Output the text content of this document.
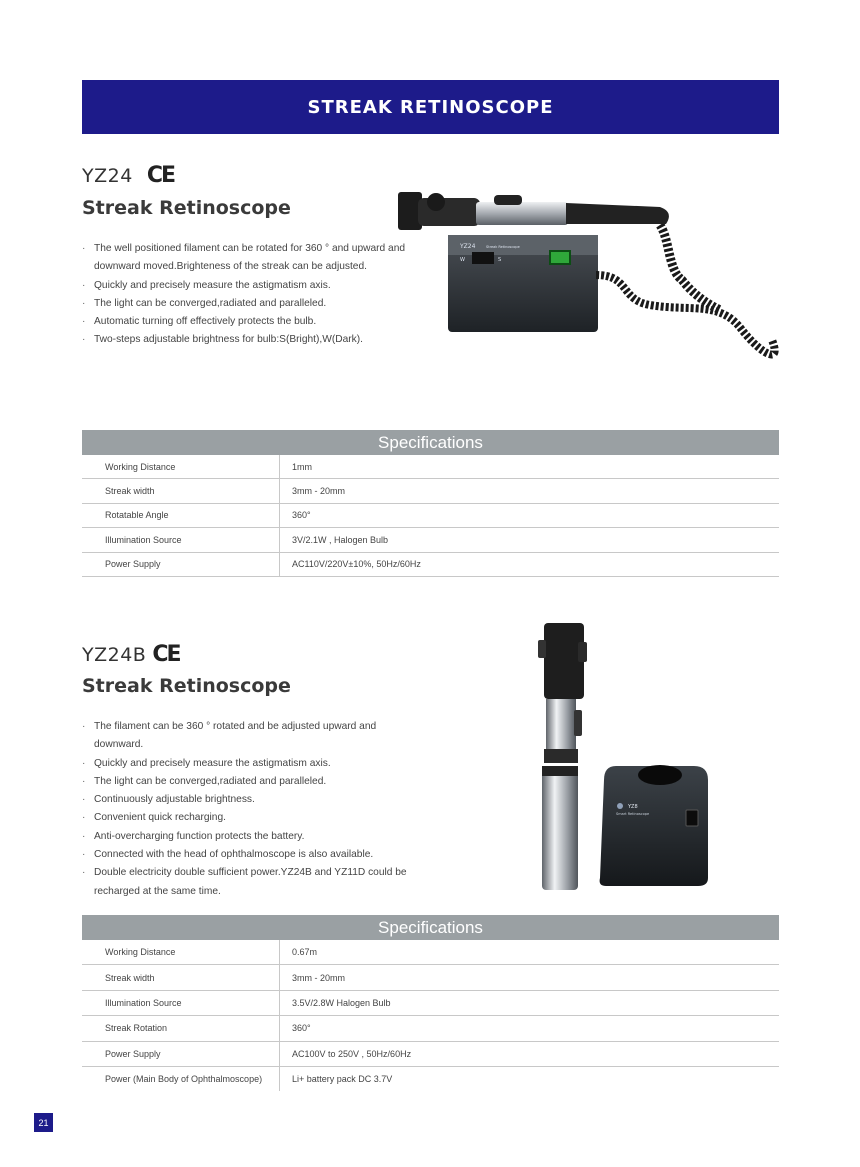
STREAK RETINOSCOPE
YZ24 CE
Streak Retinoscope
· The well positioned filament can be rotated for 360 ° and upward and downward moved.Brighteness of the streak can be adjusted.
· Quickly and precisely measure the astigmatism axis.
· The light can be converged,radiated and paralleled.
· Automatic turning off effectively protects the bulb.
· Two-steps adjustable brightness for bulb:S(Bright),W(Dark).
YZ24	Streak Retinoscope
W	S
Specifications
Working Distance	1mm
Streak width	3mm - 20mm
Rotatable Angle	360°
Illumination Source	3V/2.1W , Halogen Bulb
Power Supply	AC110V/220V±10%, 50Hz/60Hz
YZ24B CE
Streak Retinoscope
· The filament can be 360 ° rotated and be adjusted upward and downward.
· Quickly and precisely measure the astigmatism axis.
· The light can be converged,radiated and paralleled.
· Continuously adjustable brightness.
· Convenient quick recharging.
· Anti-overcharging function protects the battery.
· Connected with the head of ophthalmoscope is also available.
· Double electricity double sufficient power.YZ24B and YZ11D could be recharged at the same time.
YZ8
Smart Retinoscope
Specifications
Working Distance	0.67m
Streak width	3mm - 20mm
Illumination Source	3.5V/2.8W Halogen Bulb
Streak Rotation	360°
Power Supply	AC100V to 250V , 50Hz/60Hz
Power (Main Body of Ophthalmoscope)	Li+ battery pack DC 3.7V
21
